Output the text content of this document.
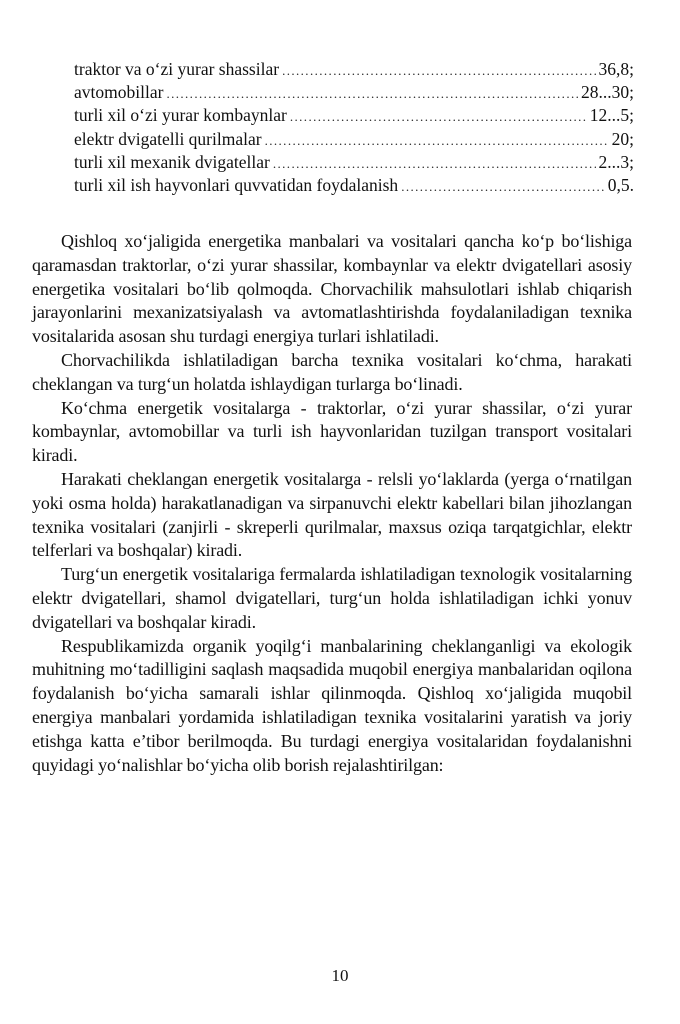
traktor va o‘zi yurar shassilar .....	36,8;
avtomobillar .....	28...30;
turli xil o‘zi yurar kombaynlar .....	12...5;
elektr dvigatelli qurilmalar .....	20;
turli xil mexanik dvigatellar .....	2...3;
turli xil ish hayvonlari quvvatidan foydalanish .....	0,5.

Qishloq xo‘jaligida energetika manbalari va vositalari qancha ko‘p bo‘lishiga qaramasdan traktorlar, o‘zi yurar shassilar, kombaynlar va elektr dvigatellari asosiy energetika vositalari bo‘lib qolmoqda. Chorvachilik mahsulotlari ishlab chiqarish jarayonlarini mexanizatsiyalash va avtomatlashtirishda foydalaniladigan texnika vositalarida asosan shu turdagi energiya turlari ishlatiladi.

Chorvachilikda ishlatiladigan barcha texnika vositalari ko‘chma, harakati cheklangan va turg‘un holatda ishlaydigan turlarga bo‘linadi.

Ko‘chma energetik vositalarga - traktorlar, o‘zi yurar shassilar, o‘zi yurar kombaynlar, avtomobillar va turli ish hayvonlaridan tuzilgan transport vositalari kiradi.

Harakati cheklangan energetik vositalarga - relsli yo‘laklarda (yerga o‘rnatilgan yoki osma holda) harakatlanadigan va sirpanuvchi elektr kabellari bilan jihozlangan texnika vositalari (zanjirli - skreperli qurilmalar, maxsus oziqa tarqatgichlar, elektr telferlari va boshqalar) kiradi.

Turg‘un energetik vositalariga fermalarda ishlatiladigan texnologik vositalarning elektr dvigatellari, shamol dvigatellari, turg‘un holda ishlatiladigan ichki yonuv dvigatellari va boshqalar kiradi.

Respublikamizda organik yoqilg‘i manbalarining cheklanganligi va ekologik muhitning mo‘tadilligini saqlash maqsadida muqobil energiya manbalaridan oqilona foydalanish bo‘yicha samarali ishlar qilinmoqda. Qishloq xo‘jaligida muqobil energiya manbalari yordamida ishlatiladigan texnika vositalarini yaratish va joriy etishga katta e’tibor berilmoqda. Bu turdagi energiya vositalaridan foydalanishni quyidagi yo‘nalishlar bo‘yicha olib borish rejalashtirilgan:

10
